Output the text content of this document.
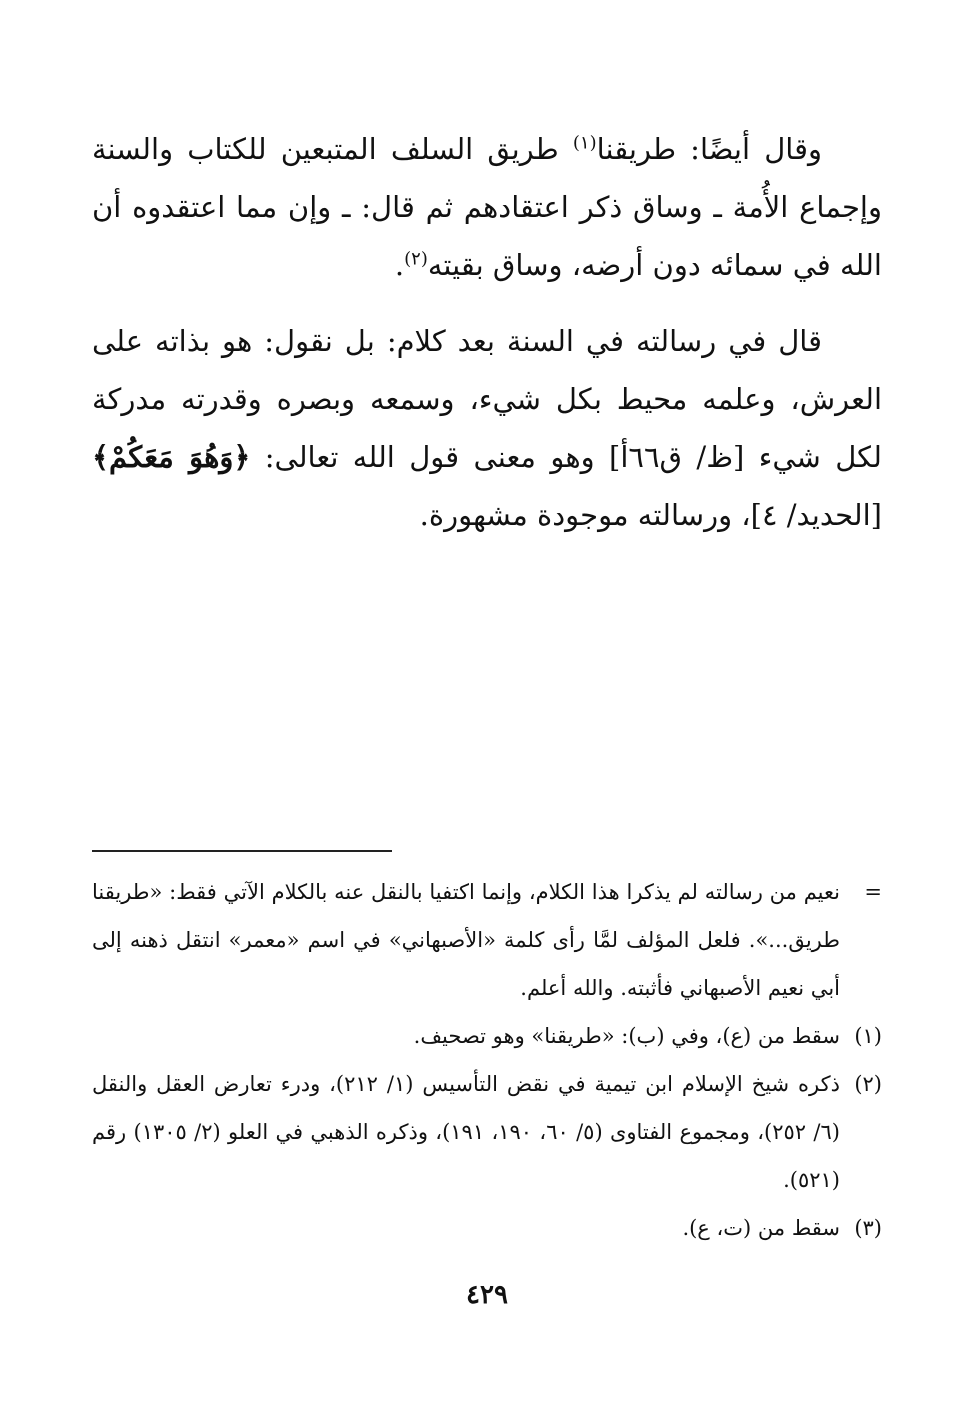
وقال أيضًا: طريقنا$^{(١)}$ طريق السلف المتبعين للكتاب والسنة وإجماع الأُمة ـ وساق ذكر اعتقادهم ثم قال: ـ وإن مما اعتقدوه أن الله في سمائه دون أرضه، وساق بقيته$^{(٢)}$.

قال في رسالته في السنة بعد كلام: بل نقول: هو بذاته على العرش، وعلمه محيط بكل شيء، وسمعه وبصره وقدرته مدركة لكل شيء [ظ/ ق٦٦أ] وهو معنى قول الله تعالى: ﴿وَهُوَ مَعَكُمْ﴾ [الحديد/ ٤]، ورسالته موجودة مشهورة.

=
نعيم من رسالته لم يذكرا هذا الكلام، وإنما اكتفيا بالنقل عنه بالكلام الآتي فقط: «طريقنا طريق...». فلعل المؤلف لمَّا رأى كلمة «الأصبهاني» في اسم «معمر» انتقل ذهنه إلى أبي نعيم الأصبهاني فأثبته. والله أعلم.
(١)
سقط من (ع)، وفي (ب): «طريقنا» وهو تصحيف.
(٢)
ذكره شيخ الإسلام ابن تيمية في نقض التأسيس (١/ ٢١٢)، ودرء تعارض العقل والنقل (٦/ ٢٥٢)، ومجموع الفتاوى (٥/ ٦٠، ١٩٠، ١٩١)، وذكره الذهبي في العلو (٢/ ١٣٠٥) رقم (٥٢١).
(٣)
سقط من (ت، ع).
٤٢٩
